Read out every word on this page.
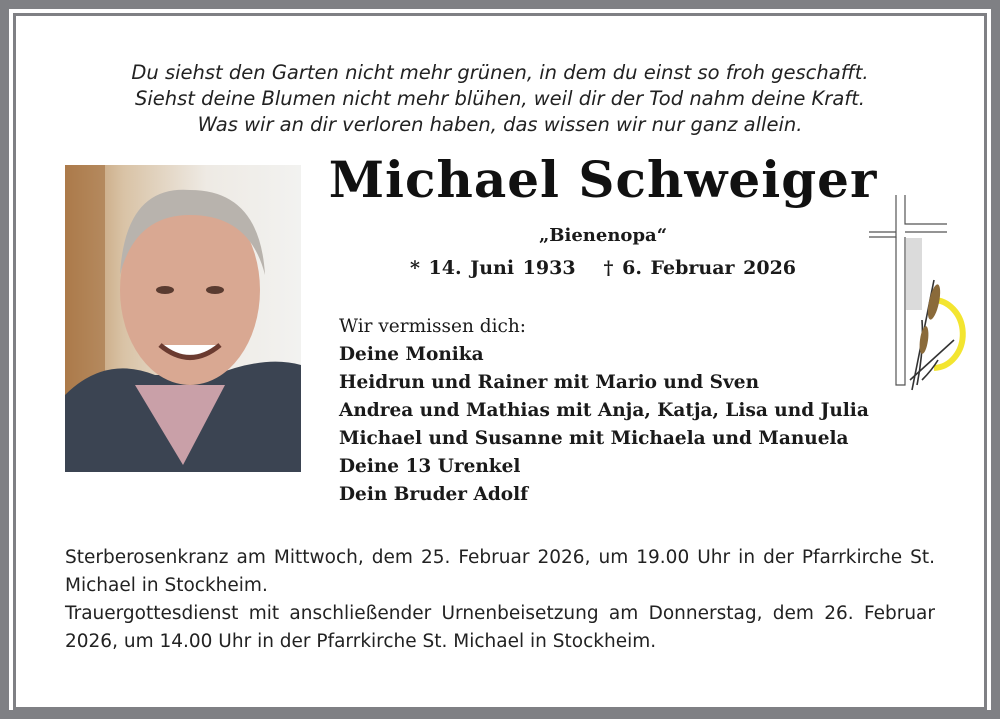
Du siehst den Garten nicht mehr grünen, in dem du einst so froh geschafft.
Siehst deine Blumen nicht mehr blühen, weil dir der Tod nahm deine Kraft.
Was wir an dir verloren haben, das wissen wir nur ganz allein.
Michael Schweiger
„Bienenopa“
* 14. Juni 1933 † 6. Februar 2026
Wir vermissen dich:
Deine Monika
Heidrun und Rainer mit Mario und Sven
Andrea und Mathias mit Anja, Katja, Lisa und Julia
Michael und Susanne mit Michaela und Manuela
Deine 13 Urenkel
Dein Bruder Adolf

Sterberosenkranz am Mittwoch, dem 25. Februar 2026, um 19.00 Uhr in der Pfarrkirche St. Michael in Stockheim.

Trauergottesdienst mit anschließender Urnenbeisetzung am Donnerstag, dem 26. Februar 2026, um 14.00 Uhr in der Pfarrkirche St. Michael in Stockheim.
